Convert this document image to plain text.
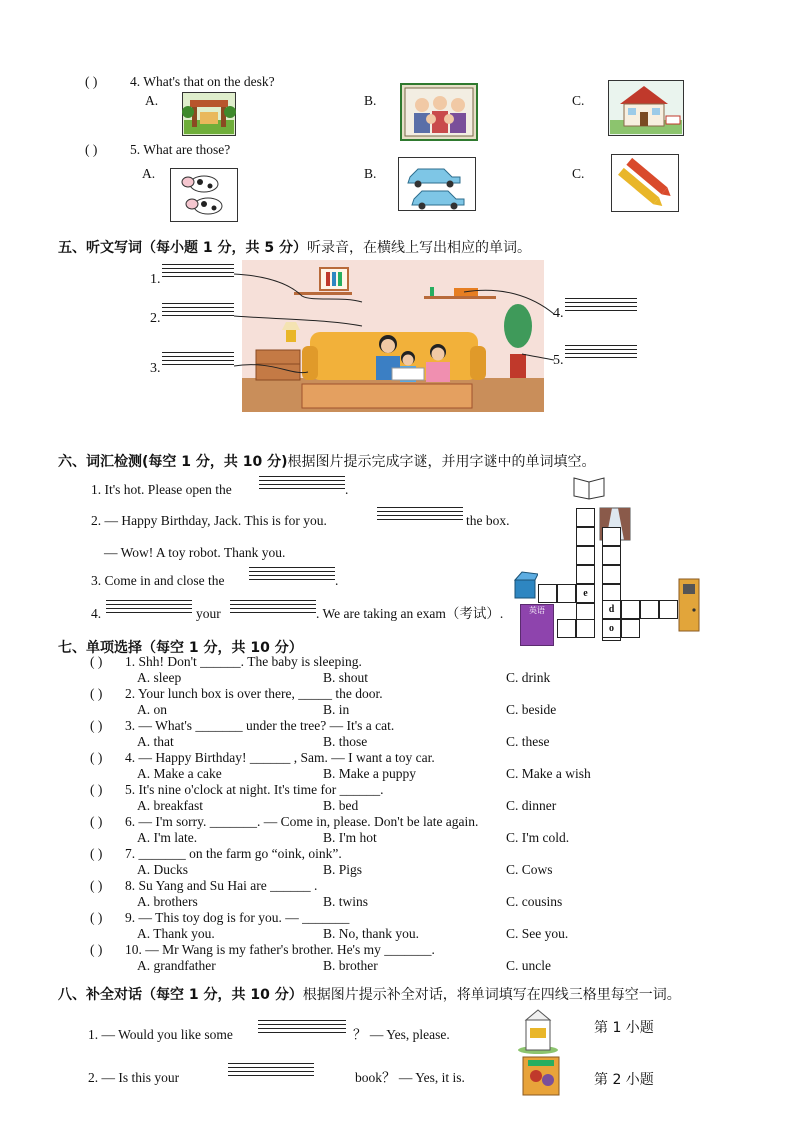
( ) 4. What's that on the desk?
A.	B.	C.
( ) 5. What are those?
A.	B.	C.
五、听文写词（每小题 1 分，共 5 分）听录音，在横线上写出相应的单词。
1.
2.
3.
4.
5.
六、词汇检测(每空 1 分，共 10 分)根据图片提示完成字谜，并用字谜中的单词填空。
1. It's hot. Please open the	.
2. — Happy Birthday, Jack. This is for you.	the box.
— Wow! A toy robot. Thank you.
3. Come in and close the	.
4.	your	. We are taking an exam（考试）.	英语
e
d
o
七、单项选择（每空 1 分，共 10 分）
( ) 1. Shh! Don't ______. The baby is sleeping.
A. sleep	B. shout	C. drink
( ) 2. Your lunch box is over there, _____ the door.
A. on	B. in	C. beside
( ) 3. — What's _______ under the tree? — It's a cat.
A. that	B. those	C. these
( ) 4. — Happy Birthday! ______ , Sam. — I want a toy car.
A. Make a cake	B. Make a puppy	C. Make a wish
( ) 5. It's nine o'clock at night. It's time for ______.
A. breakfast	B. bed	C. dinner
( ) 6. — I'm sorry. _______. — Come in, please. Don't be late again.
A. I'm late.	B. I'm hot	C. I'm cold.
( ) 7. _______ on the farm go “oink, oink”.
A. Ducks	B. Pigs	C. Cows
( ) 8. Su Yang and Su Hai are ______ .
A. brothers	B. twins	C. cousins
( ) 9. — This toy dog is for you. — _______
A. Thank you.	B. No, thank you.	C. See you.
( ) 10. — Mr Wang is my father's brother. He's my _______.
A. grandfather	B. brother	C. uncle
八、补全对话（每空 1 分，共 10 分）根据图片提示补全对话，将单词填写在四线三格里每空一词。
1. — Would you like some	？ — Yes, please.	第 1 小题
2. — Is this your	book？ — Yes, it is.	第 2 小题
